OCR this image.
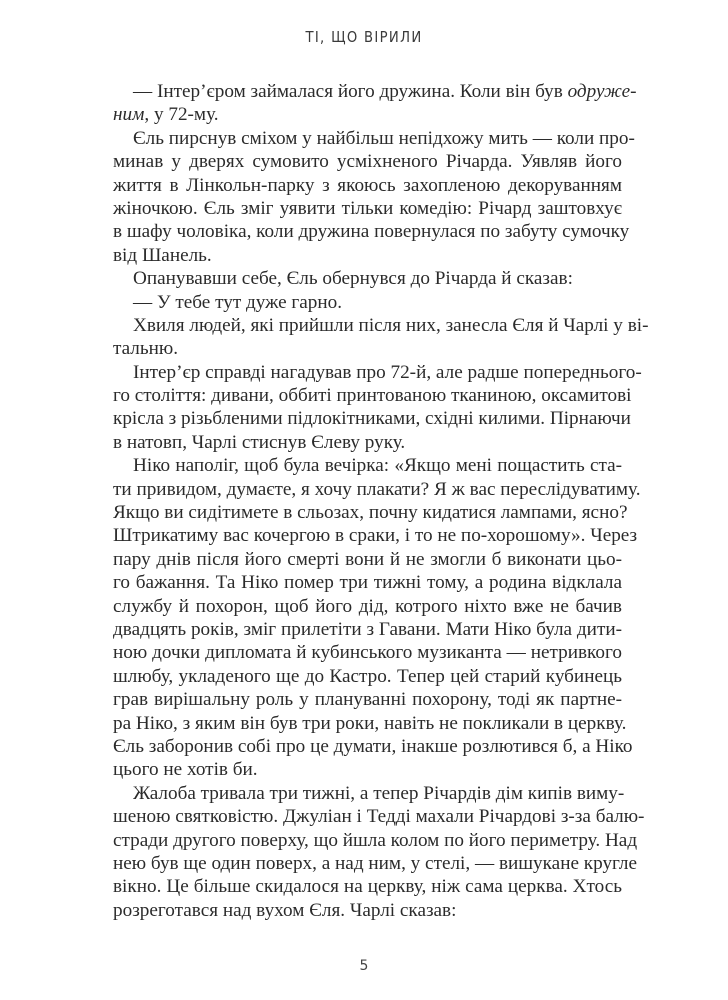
ТІ, ЩО ВІРИЛИ
— Інтер’єром займалася його дружина. Коли він був одруже-
ним, у 72-му.
Єль пирснув сміхом у найбільш непідхожу мить — коли про-
минав у дверях сумовито усміхненого Річарда. Уявляв його
життя в Лінкольн-парку з якоюсь захопленою декоруванням
жіночкою. Єль зміг уявити тільки комедію: Річард заштовхує
в шафу чоловіка, коли дружина повернулася по забуту сумочку
від Шанель.
Опанувавши себе, Єль обернувся до Річарда й сказав:
— У тебе тут дуже гарно.
Хвиля людей, які прийшли після них, занесла Єля й Чарлі у ві-
тальню.
Інтер’єр справді нагадував про 72-й, але радше попереднього-
го століття: дивани, оббиті принтованою тканиною, оксамитові
крісла з різьбленими підлокітниками, східні килими. Пірнаючи
в натовп, Чарлі стиснув Єлеву руку.
Ніко наполіг, щоб була вечірка: «Якщо мені пощастить ста-
ти привидом, думаєте, я хочу плакати? Я ж вас переслідуватиму.
Якщо ви сидітимете в сльозах, почну кидатися лампами, ясно?
Штрикатиму вас кочергою в сраки, і то не по-хорошому». Через
пару днів після його смерті вони й не змогли б виконати цьо-
го бажання. Та Ніко помер три тижні тому, а родина відклала
службу й похорон, щоб його дід, котрого ніхто вже не бачив
двадцять років, зміг прилетіти з Гавани. Мати Ніко була дити-
ною дочки дипломата й кубинського музиканта — нетривкого
шлюбу, укладеного ще до Кастро. Тепер цей старий кубинець
грав вирішальну роль у плануванні похорону, тоді як партне-
ра Ніко, з яким він був три роки, навіть не покликали в церкву.
Єль заборонив собі про це думати, інакше розлютився б, а Ніко
цього не хотів би.
Жалоба тривала три тижні, а тепер Річардів дім кипів виму-
шеною святковістю. Джуліан і Тедді махали Річардові з-за балю-
стради другого поверху, що йшла колом по його периметру. Над
нею був ще один поверх, а над ним, у стелі, — вишукане кругле
вікно. Це більше скидалося на церкву, ніж сама церква. Хтось
розреготався над вухом Єля. Чарлі сказав:
5
